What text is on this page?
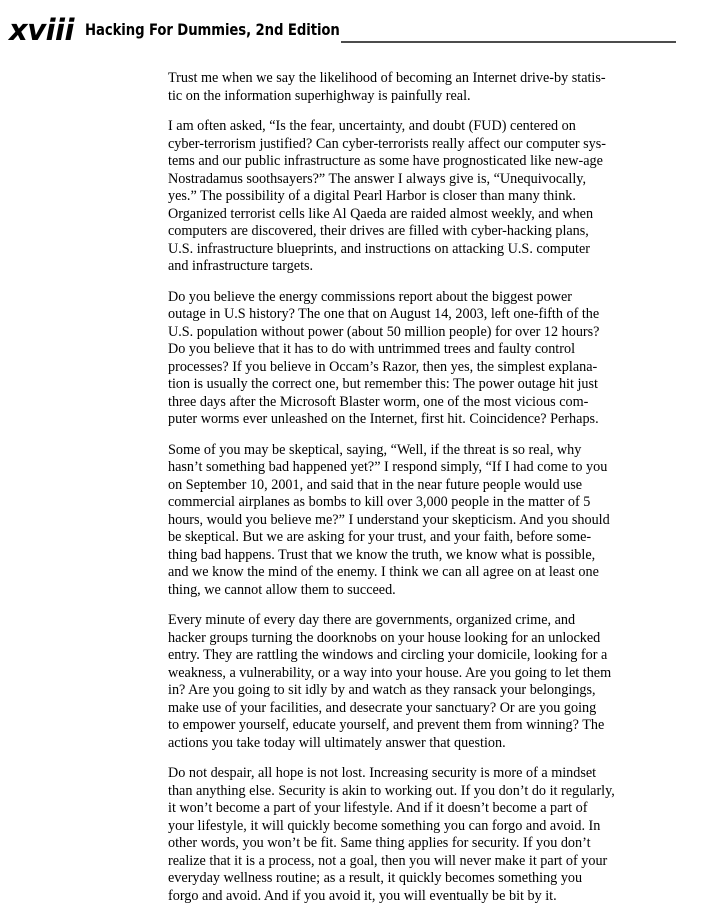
xviii Hacking For Dummies, 2nd Edition

Trust me when we say the likelihood of becoming an Internet drive-by statis-
tic on the information superhighway is painfully real.

I am often asked, “Is the fear, uncertainty, and doubt (FUD) centered on
cyber-terrorism justified? Can cyber-terrorists really affect our computer sys-
tems and our public infrastructure as some have prognosticated like new-age
Nostradamus soothsayers?” The answer I always give is, “Unequivocally,
yes.” The possibility of a digital Pearl Harbor is closer than many think.
Organized terrorist cells like Al Qaeda are raided almost weekly, and when
computers are discovered, their drives are filled with cyber-hacking plans,
U.S. infrastructure blueprints, and instructions on attacking U.S. computer
and infrastructure targets.

Do you believe the energy commissions report about the biggest power
outage in U.S history? The one that on August 14, 2003, left one-fifth of the
U.S. population without power (about 50 million people) for over 12 hours?
Do you believe that it has to do with untrimmed trees and faulty control
processes? If you believe in Occam’s Razor, then yes, the simplest explana-
tion is usually the correct one, but remember this: The power outage hit just
three days after the Microsoft Blaster worm, one of the most vicious com-
puter worms ever unleashed on the Internet, first hit. Coincidence? Perhaps.

Some of you may be skeptical, saying, “Well, if the threat is so real, why
hasn’t something bad happened yet?” I respond simply, “If I had come to you
on September 10, 2001, and said that in the near future people would use
commercial airplanes as bombs to kill over 3,000 people in the matter of 5
hours, would you believe me?” I understand your skepticism. And you should
be skeptical. But we are asking for your trust, and your faith, before some-
thing bad happens. Trust that we know the truth, we know what is possible,
and we know the mind of the enemy. I think we can all agree on at least one
thing, we cannot allow them to succeed.

Every minute of every day there are governments, organized crime, and
hacker groups turning the doorknobs on your house looking for an unlocked
entry. They are rattling the windows and circling your domicile, looking for a
weakness, a vulnerability, or a way into your house. Are you going to let them
in? Are you going to sit idly by and watch as they ransack your belongings,
make use of your facilities, and desecrate your sanctuary? Or are you going
to empower yourself, educate yourself, and prevent them from winning? The
actions you take today will ultimately answer that question.

Do not despair, all hope is not lost. Increasing security is more of a mindset
than anything else. Security is akin to working out. If you don’t do it regularly,
it won’t become a part of your lifestyle. And if it doesn’t become a part of
your lifestyle, it will quickly become something you can forgo and avoid. In
other words, you won’t be fit. Same thing applies for security. If you don’t
realize that it is a process, not a goal, then you will never make it part of your
everyday wellness routine; as a result, it quickly becomes something you
forgo and avoid. And if you avoid it, you will eventually be bit by it.
